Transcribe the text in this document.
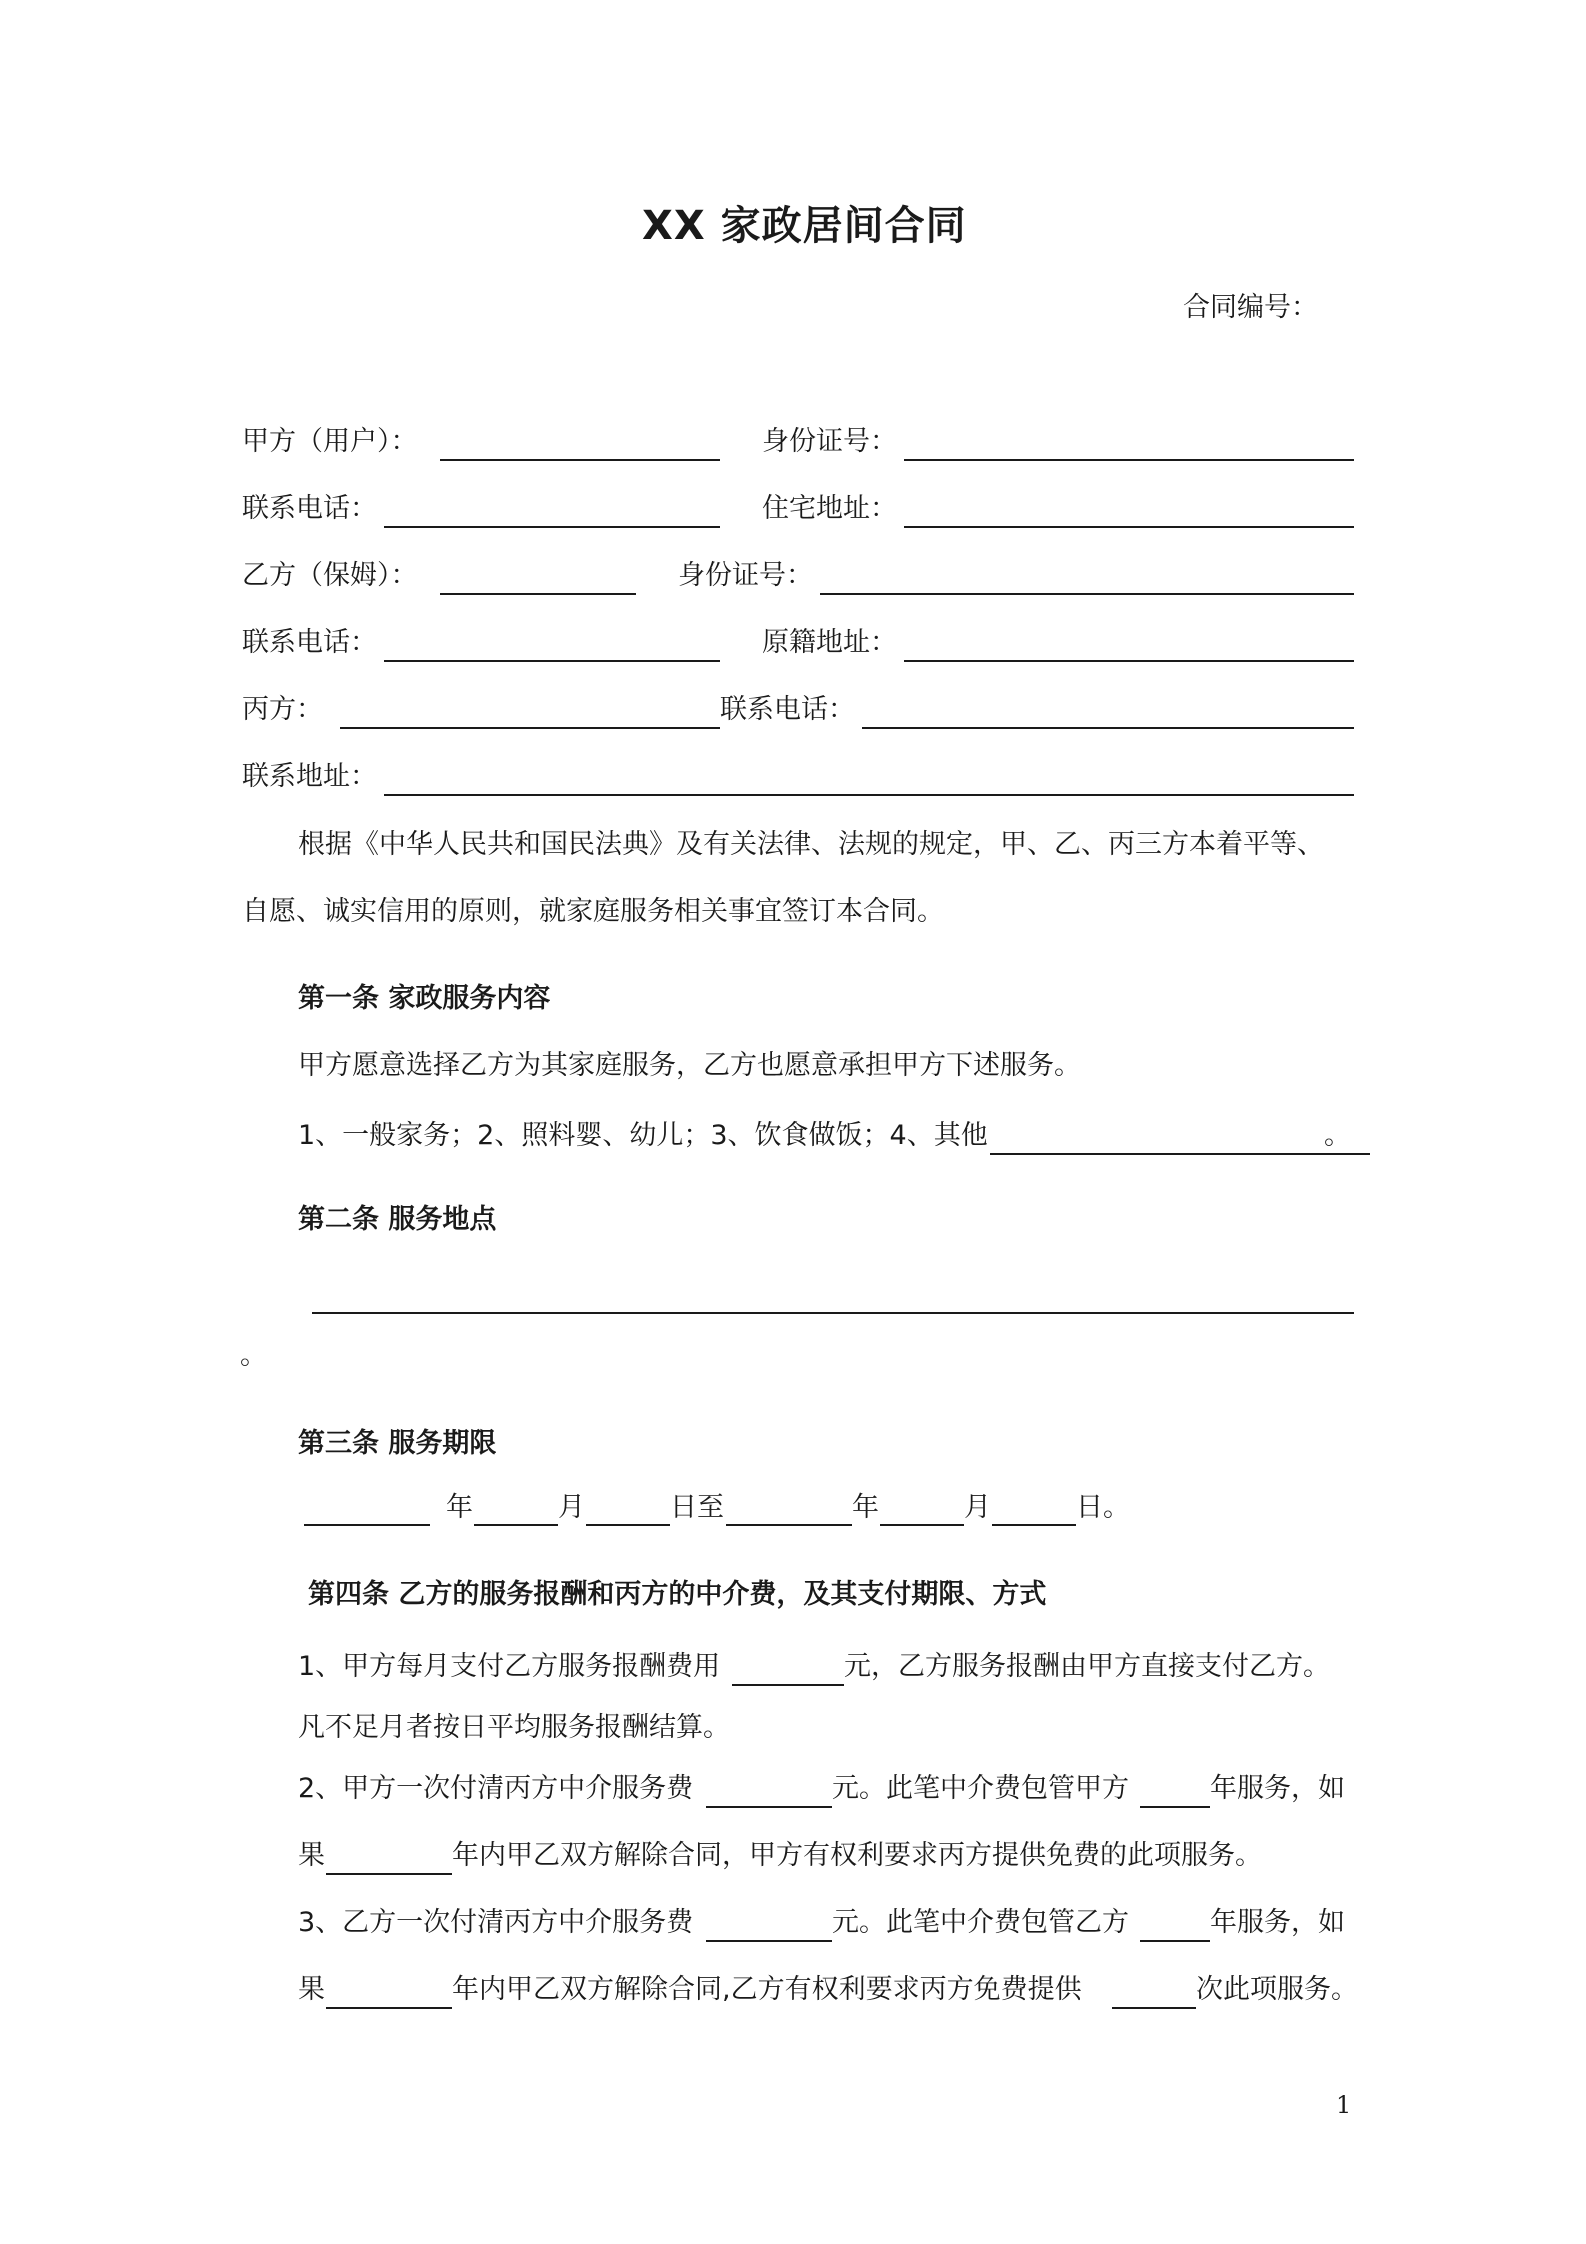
XX 家政居间合同
合同编号：
甲方（用户）：	身份证号：
联系电话：	住宅地址：
乙方（保姆）：	身份证号：
联系电话：	原籍地址：
丙方：	联系电话：
联系地址：
根据《中华人民共和国民法典》及有关法律、法规的规定，甲、乙、丙三方本着平等、
自愿、诚实信用的原则，就家庭服务相关事宜签订本合同。
第一条 家政服务内容
甲方愿意选择乙方为其家庭服务，乙方也愿意承担甲方下述服务。
1、一般家务；2、照料婴、幼儿；3、饮食做饭；4、其他	。
第二条 服务地点
。
第三条 服务期限
年	月	日至	年	月	日。
第四条 乙方的服务报酬和丙方的中介费，及其支付期限、方式
1、甲方每月支付乙方服务报酬费用	元，乙方服务报酬由甲方直接支付乙方。
凡不足月者按日平均服务报酬结算。
2、甲方一次付清丙方中介服务费	元。此笔中介费包管甲方	年服务，如
果	年内甲乙双方解除合同，甲方有权利要求丙方提供免费的此项服务。
3、乙方一次付清丙方中介服务费	元。此笔中介费包管乙方	年服务，如
果	年内甲乙双方解除合同,乙方有权利要求丙方免费提供	次此项服务。
1
